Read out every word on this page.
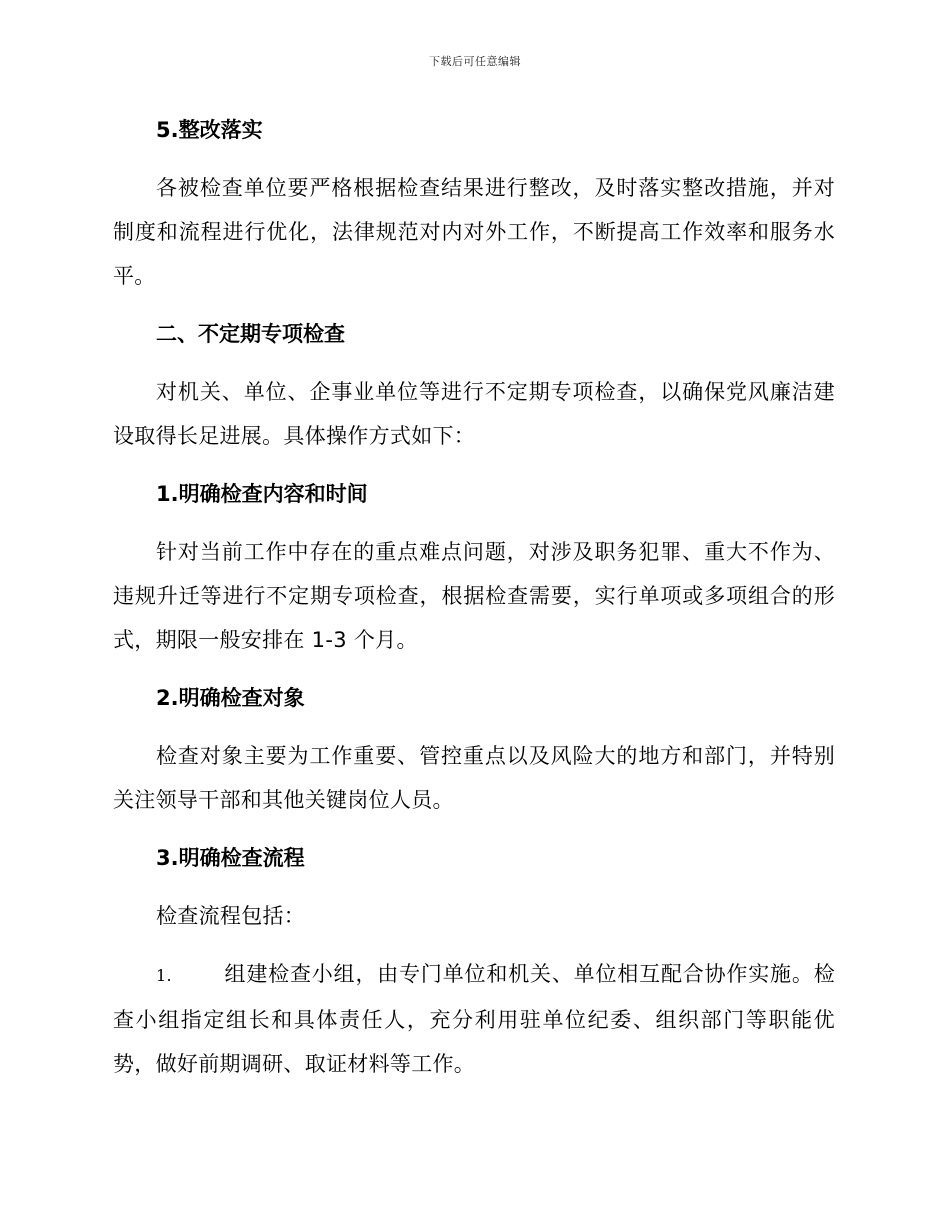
下载后可任意编辑
5.整改落实
各被检查单位要严格根据检查结果进行整改，及时落实整改措施，并对制度和流程进行优化，法律规范对内对外工作，不断提高工作效率和服务水平。
二、不定期专项检查
对机关、单位、企事业单位等进行不定期专项检查，以确保党风廉洁建设取得长足进展。具体操作方式如下：
1.明确检查内容和时间
针对当前工作中存在的重点难点问题，对涉及职务犯罪、重大不作为、违规升迁等进行不定期专项检查，根据检查需要，实行单项或多项组合的形式，期限一般安排在 1-3 个月。
2.明确检查对象
检查对象主要为工作重要、管控重点以及风险大的地方和部门，并特别关注领导干部和其他关键岗位人员。
3.明确检查流程
检查流程包括：
1. 组建检查小组，由专门单位和机关、单位相互配合协作实施。检查小组指定组长和具体责任人，充分利用驻单位纪委、组织部门等职能优势，做好前期调研、取证材料等工作。
